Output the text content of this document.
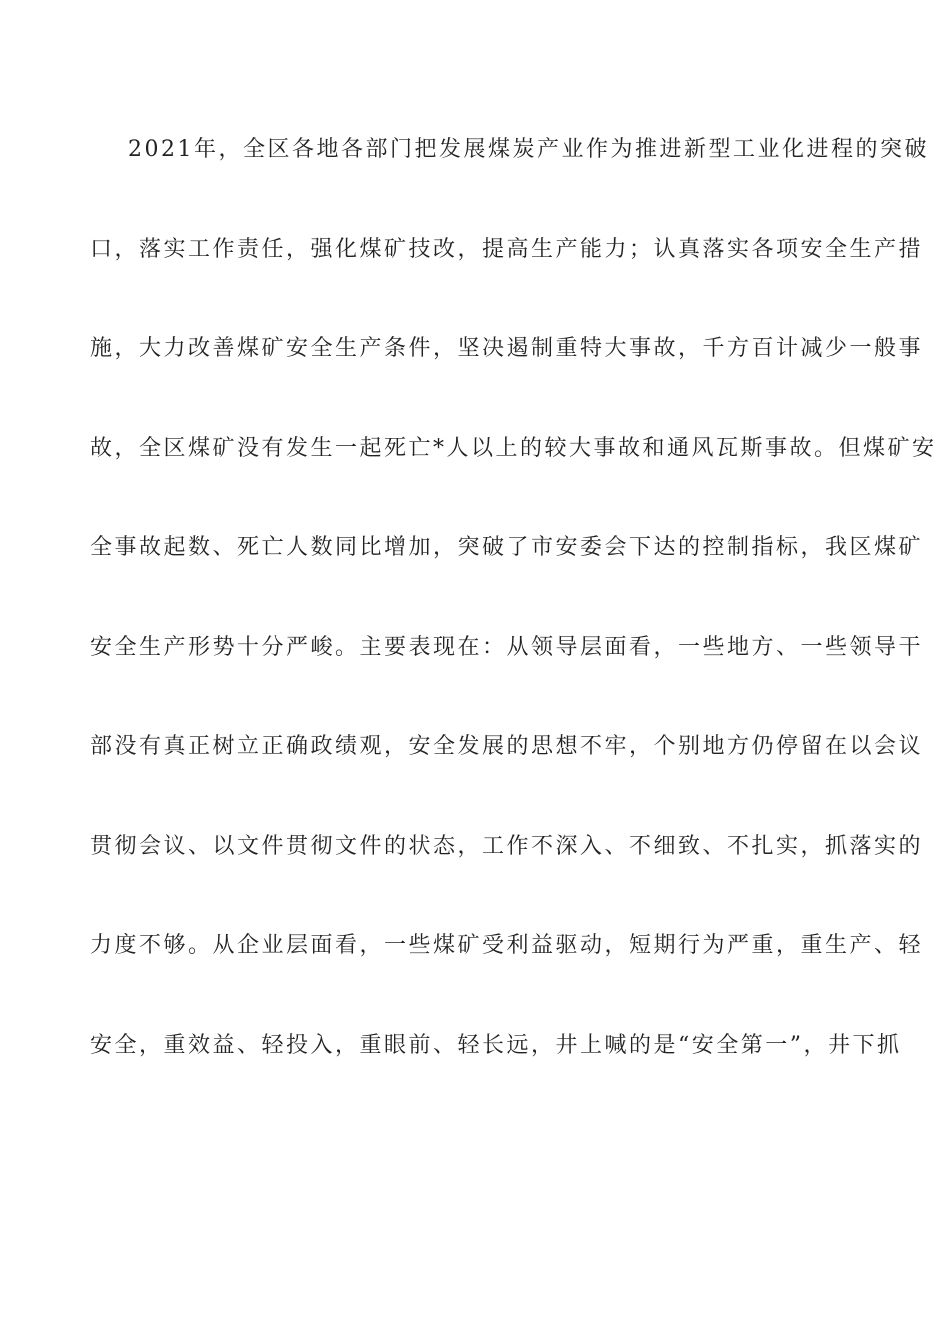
2021年，全区各地各部门把发展煤炭产业作为推进新型工业化进程的突破
口，落实工作责任，强化煤矿技改，提高生产能力；认真落实各项安全生产措
施，大力改善煤矿安全生产条件，坚决遏制重特大事故，千方百计减少一般事
故，全区煤矿没有发生一起死亡*人以上的较大事故和通风瓦斯事故。但煤矿安
全事故起数、死亡人数同比增加，突破了市安委会下达的控制指标，我区煤矿
安全生产形势十分严峻。主要表现在：从领导层面看，一些地方、一些领导干
部没有真正树立正确政绩观，安全发展的思想不牢，个别地方仍停留在以会议
贯彻会议、以文件贯彻文件的状态，工作不深入、不细致、不扎实，抓落实的
力度不够。从企业层面看，一些煤矿受利益驱动，短期行为严重，重生产、轻
安全，重效益、轻投入，重眼前、轻长远，井上喊的是“安全第一”，井下抓
